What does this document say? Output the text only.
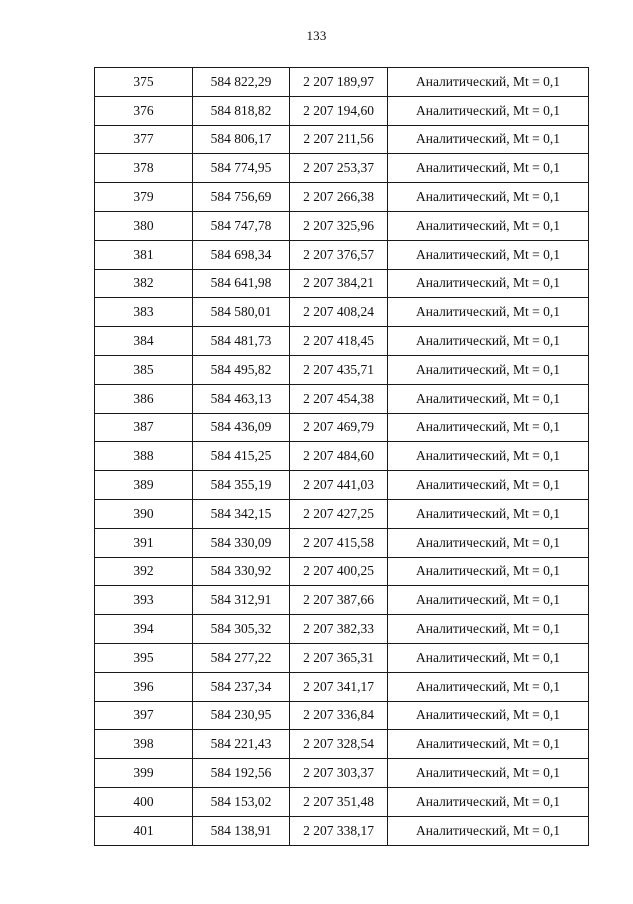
133
375	584 822,29	2 207 189,97	Аналитический, Mt = 0,1
376	584 818,82	2 207 194,60	Аналитический, Mt = 0,1
377	584 806,17	2 207 211,56	Аналитический, Mt = 0,1
378	584 774,95	2 207 253,37	Аналитический, Mt = 0,1
379	584 756,69	2 207 266,38	Аналитический, Mt = 0,1
380	584 747,78	2 207 325,96	Аналитический, Mt = 0,1
381	584 698,34	2 207 376,57	Аналитический, Mt = 0,1
382	584 641,98	2 207 384,21	Аналитический, Mt = 0,1
383	584 580,01	2 207 408,24	Аналитический, Mt = 0,1
384	584 481,73	2 207 418,45	Аналитический, Mt = 0,1
385	584 495,82	2 207 435,71	Аналитический, Mt = 0,1
386	584 463,13	2 207 454,38	Аналитический, Mt = 0,1
387	584 436,09	2 207 469,79	Аналитический, Mt = 0,1
388	584 415,25	2 207 484,60	Аналитический, Mt = 0,1
389	584 355,19	2 207 441,03	Аналитический, Mt = 0,1
390	584 342,15	2 207 427,25	Аналитический, Mt = 0,1
391	584 330,09	2 207 415,58	Аналитический, Mt = 0,1
392	584 330,92	2 207 400,25	Аналитический, Mt = 0,1
393	584 312,91	2 207 387,66	Аналитический, Mt = 0,1
394	584 305,32	2 207 382,33	Аналитический, Mt = 0,1
395	584 277,22	2 207 365,31	Аналитический, Mt = 0,1
396	584 237,34	2 207 341,17	Аналитический, Mt = 0,1
397	584 230,95	2 207 336,84	Аналитический, Mt = 0,1
398	584 221,43	2 207 328,54	Аналитический, Mt = 0,1
399	584 192,56	2 207 303,37	Аналитический, Mt = 0,1
400	584 153,02	2 207 351,48	Аналитический, Mt = 0,1
401	584 138,91	2 207 338,17	Аналитический, Mt = 0,1
